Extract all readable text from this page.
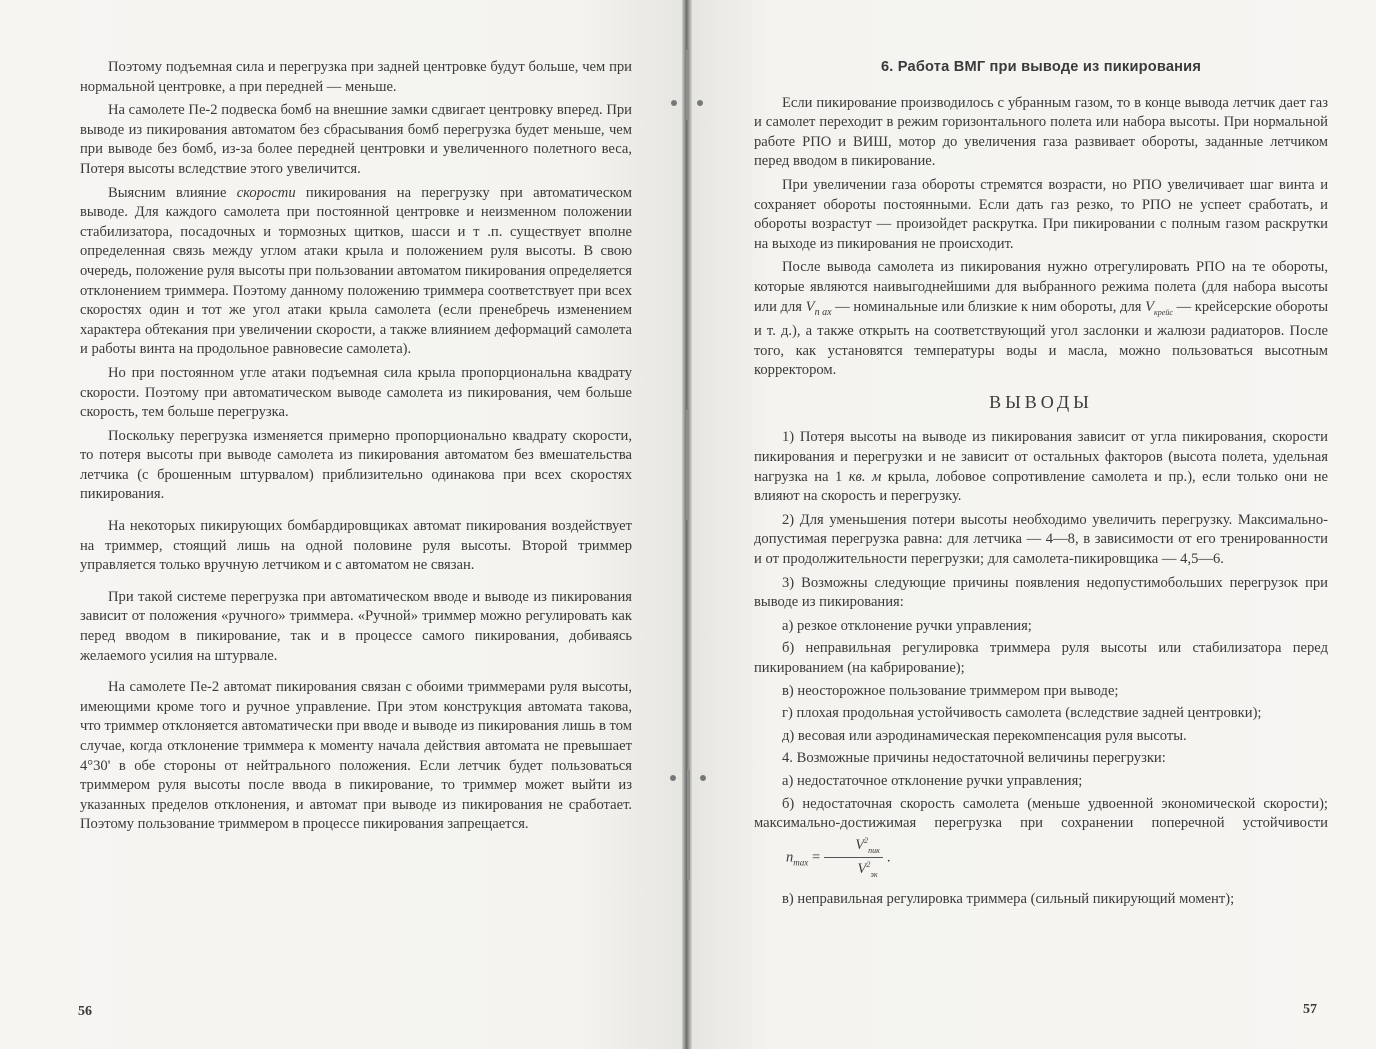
Поэтому подъемная сила и перегрузка при задней центровке будут больше, чем при нормальной центровке, а при передней — меньше.

На самолете Пе-2 подвеска бомб на внешние замки сдвигает центровку вперед. При выводе из пикирования автоматом без сбрасывания бомб перегрузка будет меньше, чем при выводе без бомб, из-за более передней центровки и увеличенного полетного веса, Потеря высоты вследствие этого увеличится.

Выясним влияние скорости пикирования на перегрузку при автоматическом выводе. Для каждого самолета при постоянной центровке и неизменном положении стабилизатора, посадочных и тормозных щитков, шасси и т .п. существует вполне определенная связь между углом атаки крыла и положением руля высоты. В свою очередь, положение руля высоты при пользовании автоматом пикирования определяется отклонением триммера. Поэтому данному положению триммера соответствует при всех скоростях один и тот же угол атаки крыла самолета (если пренебречь изменением характера обтекания при увеличении скорости, а также влиянием деформаций самолета и работы винта на продольное равновесие самолета).

Но при постоянном угле атаки подъемная сила крыла пропорциональна квадрату скорости. Поэтому при автоматическом выводе самолета из пикирования, чем больше скорость, тем больше перегрузка.

Поскольку перегрузка изменяется примерно пропорционально квадрату скорости, то потеря высоты при выводе самолета из пикирования автоматом без вмешательства летчика (с брошенным штурвалом) приблизительно одинакова при всех скоростях пикирования.

На некоторых пикирующих бомбардировщиках автомат пикирования воздействует на триммер, стоящий лишь на одной половине руля высоты. Второй триммер управляется только вручную летчиком и с автоматом не связан.

При такой системе перегрузка при автоматическом вводе и выводе из пикирования зависит от положения «ручного» триммера. «Ручной» триммер можно регулировать как перед вводом в пикирование, так и в процессе самого пикирования, добиваясь желаемого усилия на штурвале.

На самолете Пе-2 автомат пикирования связан с обоими триммерами руля высоты, имеющими кроме того и ручное управление. При этом конструкция автомата такова, что триммер отклоняется автоматически при вводе и выводе из пикирования лишь в том случае, когда отклонение триммера к моменту начала действия автомата не превышает 4°30' в обе стороны от нейтрального положения. Если летчик будет пользоваться триммером руля высоты после ввода в пикирование, то триммер может выйти из указанных пределов отклонения, и автомат при выводе из пикирования не сработает. Поэтому пользование триммером в процессе пикирования запрещается.

56

6. Работа ВМГ при выводе из пикирования

Если пикирование производилось с убранным газом, то в конце вывода летчик дает газ и самолет переходит в режим горизонтального полета или набора высоты. При нормальной работе РПО и ВИШ, мотор до увеличения газа развивает обороты, заданные летчиком перед вводом в пикирование.

При увеличении газа обороты стремятся возрасти, но РПО увеличивает шаг винта и сохраняет обороты постоянными. Если дать газ резко, то РПО не успеет сработать, и обороты возрастут — произойдет раскрутка. При пикировании с полным газом раскрутки на выходе из пикирования не происходит.

После вывода самолета из пикирования нужно отрегулировать РПО на те обороты, которые являются наивыгоднейшими для выбранного режима полета (для набора высоты или для $V_{n ax}$ — номинальные или близкие к ним обороты, для $V_{крейс}$ — крейсерские обороты и т. д.), а также открыть на соответствующий угол заслонки и жалюзи радиаторов. После того, как установятся температуры воды и масла, можно пользоваться высотным корректором.

ВЫВОДЫ

1) Потеря высоты на выводе из пикирования зависит от угла пикирования, скорости пикирования и перегрузки и не зависит от остальных факторов (высота полета, удельная нагрузка на 1 кв. м крыла, лобовое сопротивление самолета и пр.), если только они не влияют на скорость и перегрузку.

2) Для уменьшения потери высоты необходимо увеличить перегрузку. Максимально-допустимая перегрузка равна: для летчика — 4—8, в зависимости от его тренированности и от продолжительности перегрузки; для самолета-пикировщика — 4,5—6.

3) Возможны следующие причины появления недопустимобольших перегрузок при выводе из пикирования:

а) резкое отклонение ручки управления;

б) неправильная регулировка триммера руля высоты или стабилизатора перед пикированием (на кабрирование);

в) неосторожное пользование триммером при выводе;

г) плохая продольная устойчивость самолета (вследствие задней центровки);

д) весовая или аэродинамическая перекомпенсация руля высоты.

4. Возможные причины недостаточной величины перегрузки:

а) недостаточное отклонение ручки управления;

б) недостаточная скорость самолета (меньше удвоенной экономической скорости); максимально-достижимая перегрузка при сохранении поперечной устойчивостиn$_{max}$ = $\frac{V^2_{пик}}{V^2_{эк}}$ .

в) неправильная регулировка триммера (сильный пикирующий момент);

57
